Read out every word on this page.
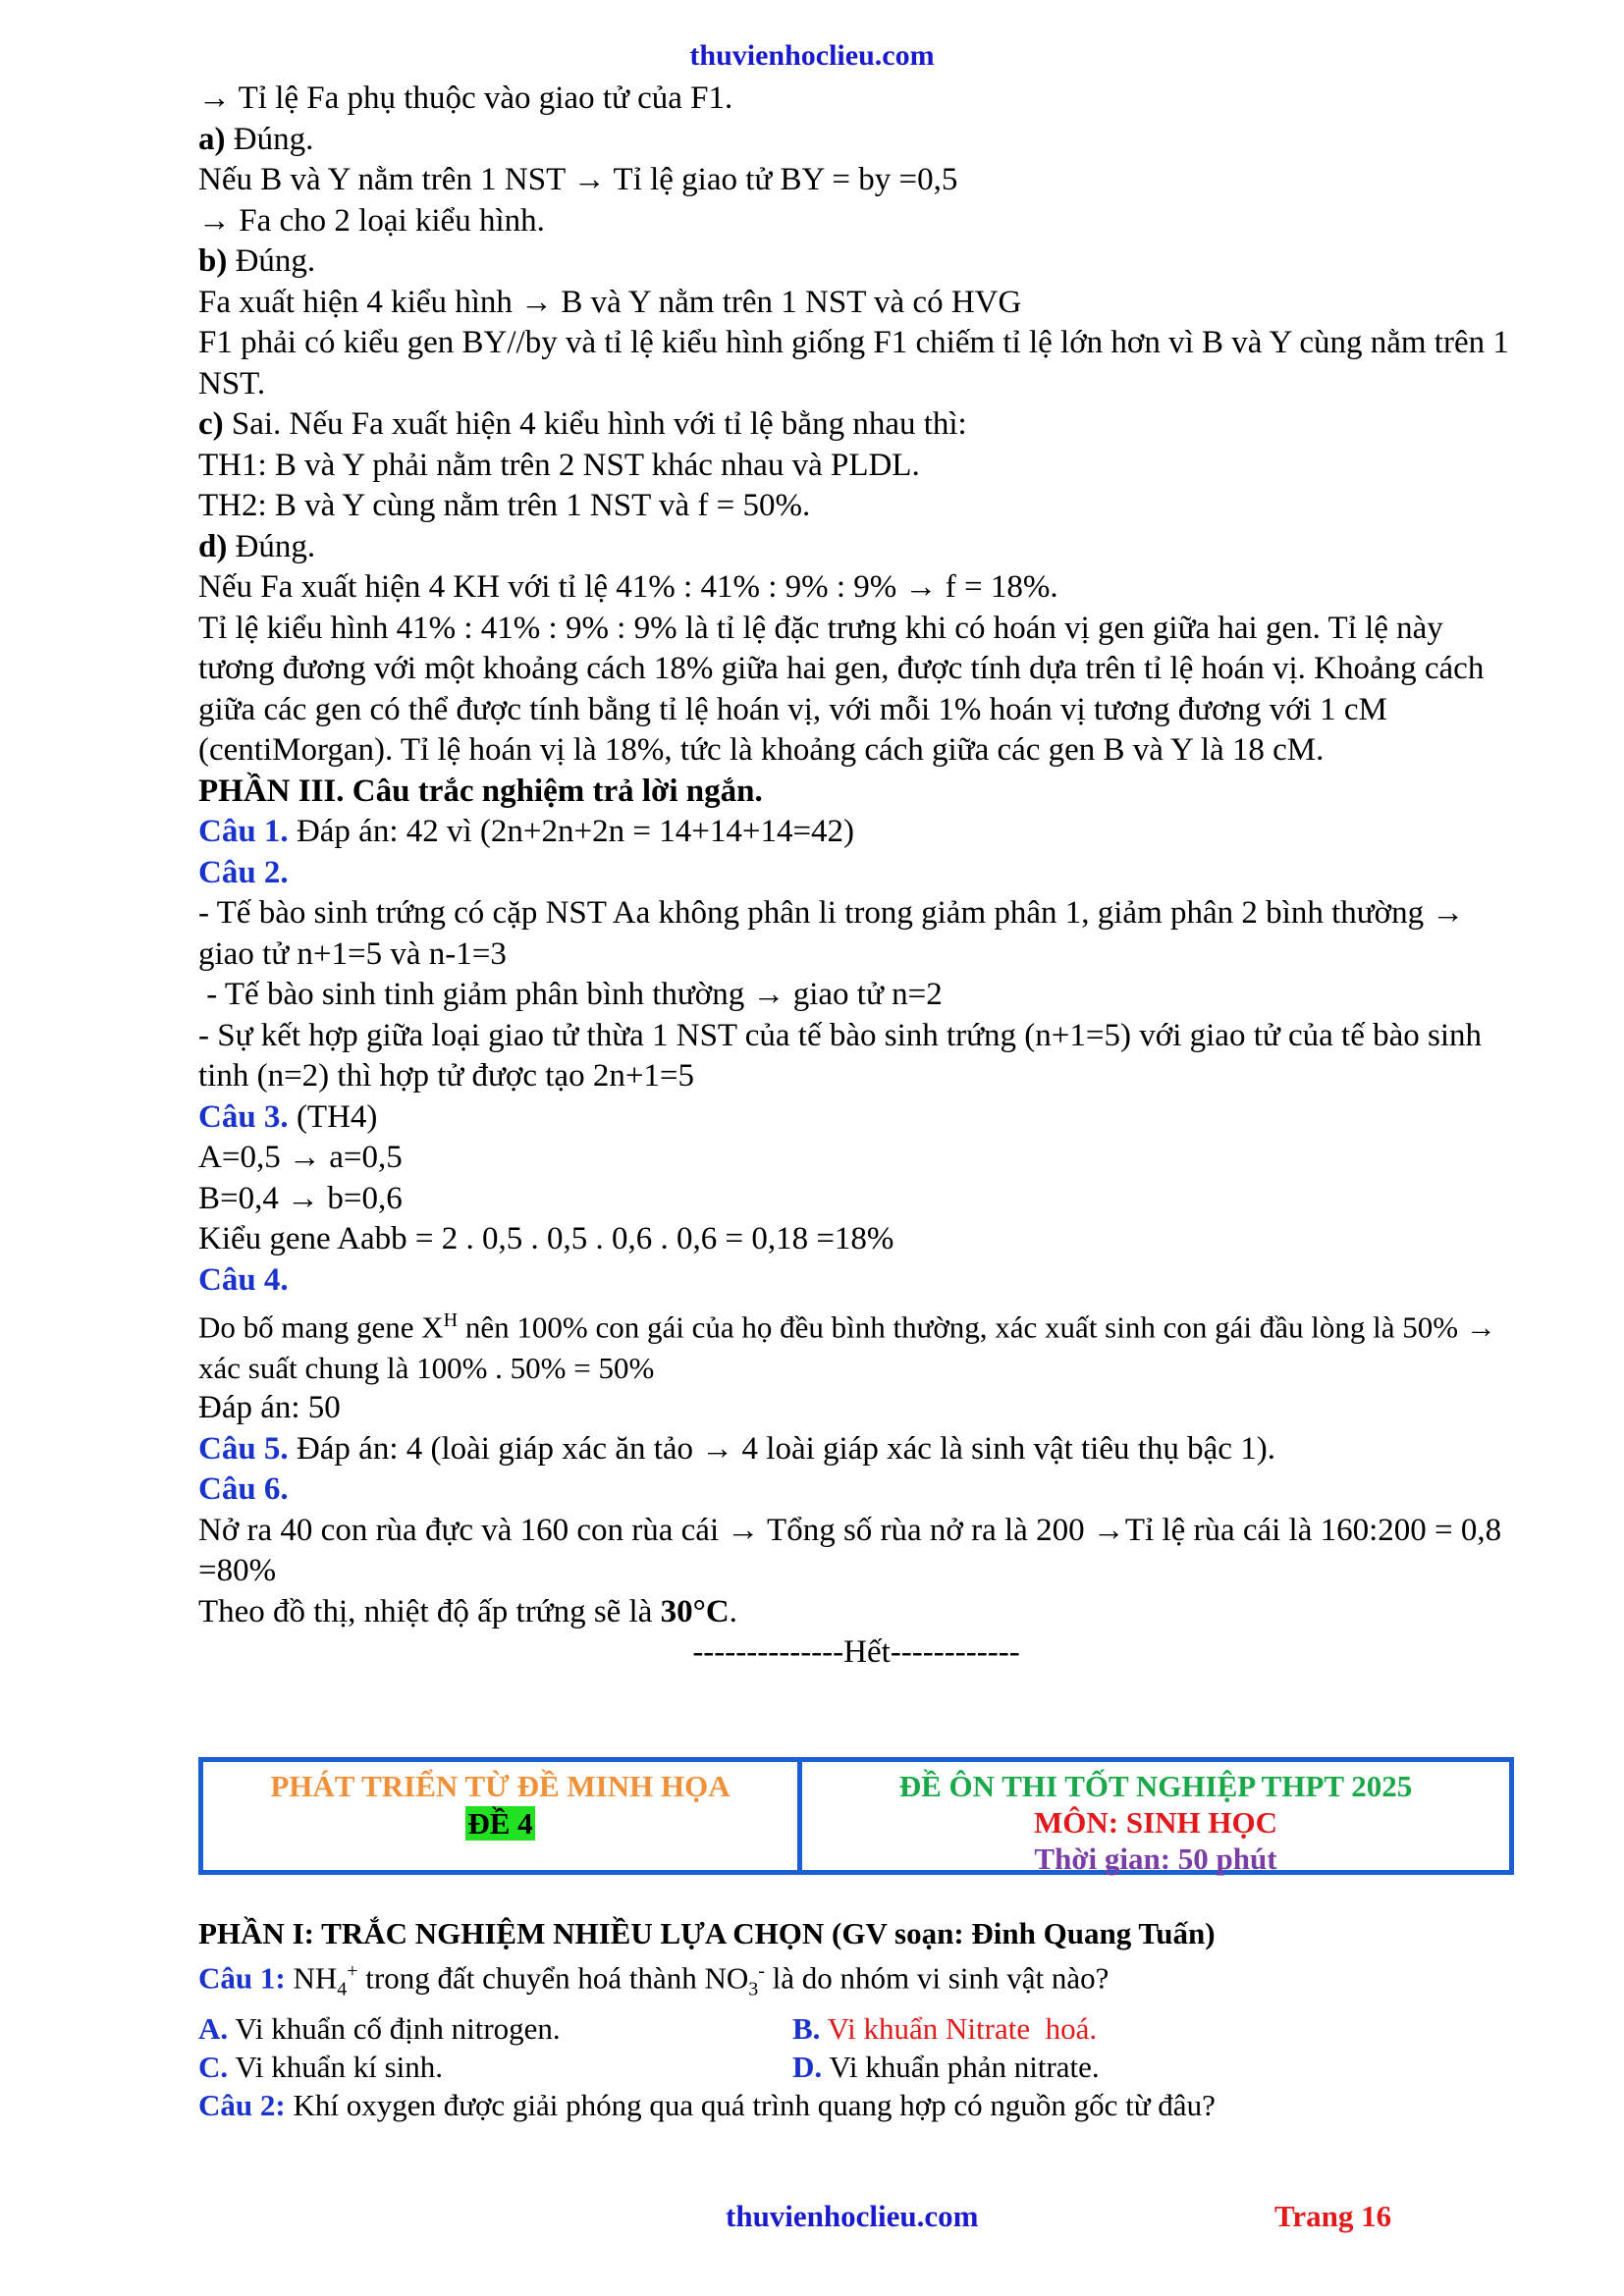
thuvienhoclieu.com

→ Tỉ lệ Fa phụ thuộc vào giao tử của F1.

a) Đúng.

Nếu B và Y nằm trên 1 NST → Tỉ lệ giao tử BY = by =0,5

→ Fa cho 2 loại kiểu hình.

b) Đúng.

Fa xuất hiện 4 kiểu hình → B và Y nằm trên 1 NST và có HVG

F1 phải có kiểu gen BY//by và tỉ lệ kiểu hình giống F1 chiếm tỉ lệ lớn hơn vì B và Y cùng nằm trên 1 NST.

c) Sai. Nếu Fa xuất hiện 4 kiểu hình với tỉ lệ bằng nhau thì:

TH1: B và Y phải nằm trên 2 NST khác nhau và PLDL.

TH2: B và Y cùng nằm trên 1 NST và f = 50%.

d) Đúng.

Nếu Fa xuất hiện 4 KH với tỉ lệ 41% : 41% : 9% : 9% → f = 18%.

Tỉ lệ kiểu hình 41% : 41% : 9% : 9% là tỉ lệ đặc trưng khi có hoán vị gen giữa hai gen. Tỉ lệ này tương đương với một khoảng cách 18% giữa hai gen, được tính dựa trên tỉ lệ hoán vị. Khoảng cách giữa các gen có thể được tính bằng tỉ lệ hoán vị, với mỗi 1% hoán vị tương đương với 1 cM (centiMorgan). Tỉ lệ hoán vị là 18%, tức là khoảng cách giữa các gen B và Y là 18 cM.

PHẦN III. Câu trắc nghiệm trả lời ngắn.

Câu 1. Đáp án: 42 vì (2n+2n+2n = 14+14+14=42)

Câu 2.

- Tế bào sinh trứng có cặp NST Aa không phân li trong giảm phân 1, giảm phân 2 bình thường → giao tử n+1=5 và n-1=3

- Tế bào sinh tinh giảm phân bình thường → giao tử n=2

- Sự kết hợp giữa loại giao tử thừa 1 NST của tế bào sinh trứng (n+1=5) với giao tử của tế bào sinh tinh (n=2) thì hợp tử được tạo 2n+1=5

Câu 3. (TH4)

A=0,5 → a=0,5

B=0,4 → b=0,6

Kiểu gene Aabb = 2 . 0,5 . 0,5 . 0,6 . 0,6 = 0,18 =18%

Câu 4.

Do bố mang gene $X^H$ nên 100% con gái của họ đều bình thường, xác xuất sinh con gái đầu lòng là 50% → xác suất chung là 100% . 50% = 50%

Đáp án: 50

Câu 5. Đáp án: 4 (loài giáp xác ăn tảo → 4 loài giáp xác là sinh vật tiêu thụ bậc 1).

Câu 6.

Nở ra 40 con rùa đực và 160 con rùa cái → Tổng số rùa nở ra là 200 →Tỉ lệ rùa cái là 160:200 = 0,8 =80%

Theo đồ thị, nhiệt độ ấp trứng sẽ là 30°C.

--------------Hết------------

PHÁT TRIỂN TỪ ĐỀ MINH HỌA
ĐỀ 4
ĐỀ ÔN THI TỐT NGHIỆP THPT 2025
MÔN: SINH HỌC
Thời gian: 50 phút

PHẦN I: TRẮC NGHIỆM NHIỀU LỰA CHỌN (GV soạn: Đinh Quang Tuấn)

Câu 1: $NH_4^+$ trong đất chuyển hoá thành $NO_3^-$ là do nhóm vi sinh vật nào?

A. Vi khuẩn cố định nitrogen.	B. Vi khuẩn Nitrate  hoá.
C. Vi khuẩn kí sinh.	D. Vi khuẩn phản nitrate.

Câu 2: Khí oxygen được giải phóng qua quá trình quang hợp có nguồn gốc từ đâu?

thuvienhoclieu.com	Trang 16
